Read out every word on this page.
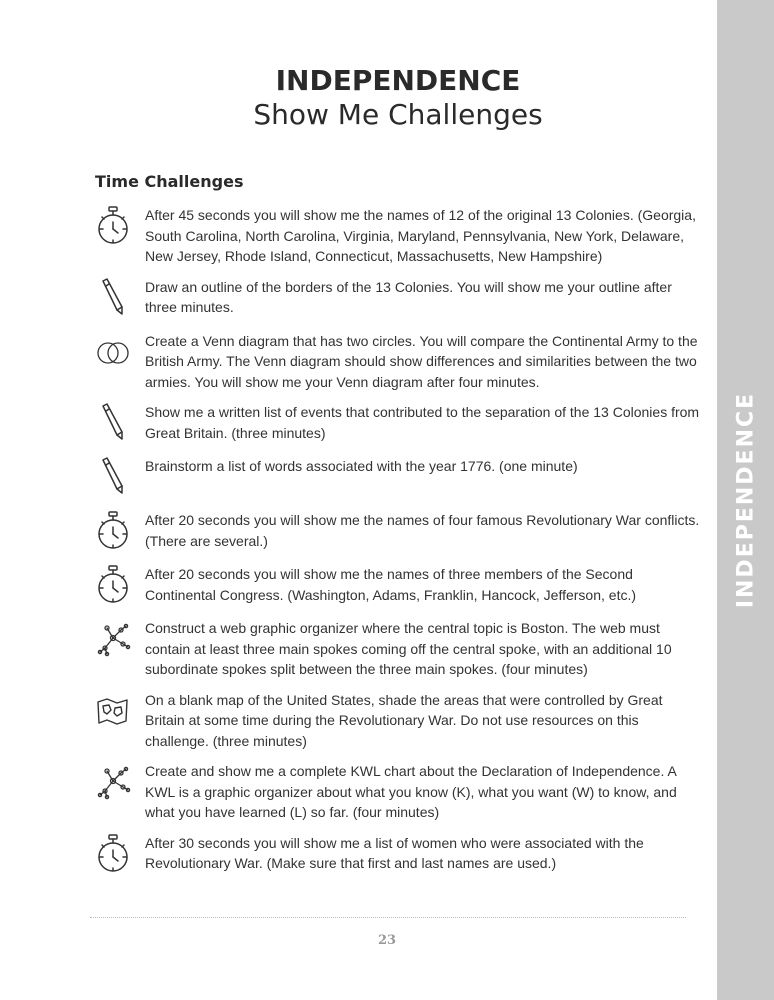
INDEPENDENCE
INDEPENDENCE
Show Me Challenges
Time Challenges
After 45 seconds you will show me the names of 12 of the original 13 Colonies. (Georgia, South Carolina, North Carolina, Virginia, Maryland, Pennsylvania, New York, Delaware, New Jersey, Rhode Island, Connecticut, Massachusetts, New Hampshire)
Draw an outline of the borders of the 13 Colonies. You will show me your outline after three minutes.
Create a Venn diagram that has two circles. You will compare the Continental Army to the British Army. The Venn diagram should show differences and similarities between the two armies. You will show me your Venn diagram after four minutes.
Show me a written list of events that contributed to the separation of the 13 Colonies from Great Britain. (three minutes)
Brainstorm a list of words associated with the year 1776. (one minute)
After 20 seconds you will show me the names of four famous Revolutionary War conflicts. (There are several.)
After 20 seconds you will show me the names of three members of the Second Continental Congress. (Washington, Adams, Franklin, Hancock, Jefferson, etc.)
Construct a web graphic organizer where the central topic is Boston. The web must contain at least three main spokes coming off the central spoke, with an additional 10 subordinate spokes split between the three main spokes. (four minutes)
On a blank map of the United States, shade the areas that were controlled by Great Britain at some time during the Revolutionary War. Do not use resources on this challenge. (three minutes)
Create and show me a complete KWL chart about the Declaration of Independence. A KWL is a graphic organizer about what you know (K), what you want (W) to know, and what you have learned (L) so far. (four minutes)
After 30 seconds you will show me a list of women who were associated with the Revolutionary War. (Make sure that first and last names are used.)
23
